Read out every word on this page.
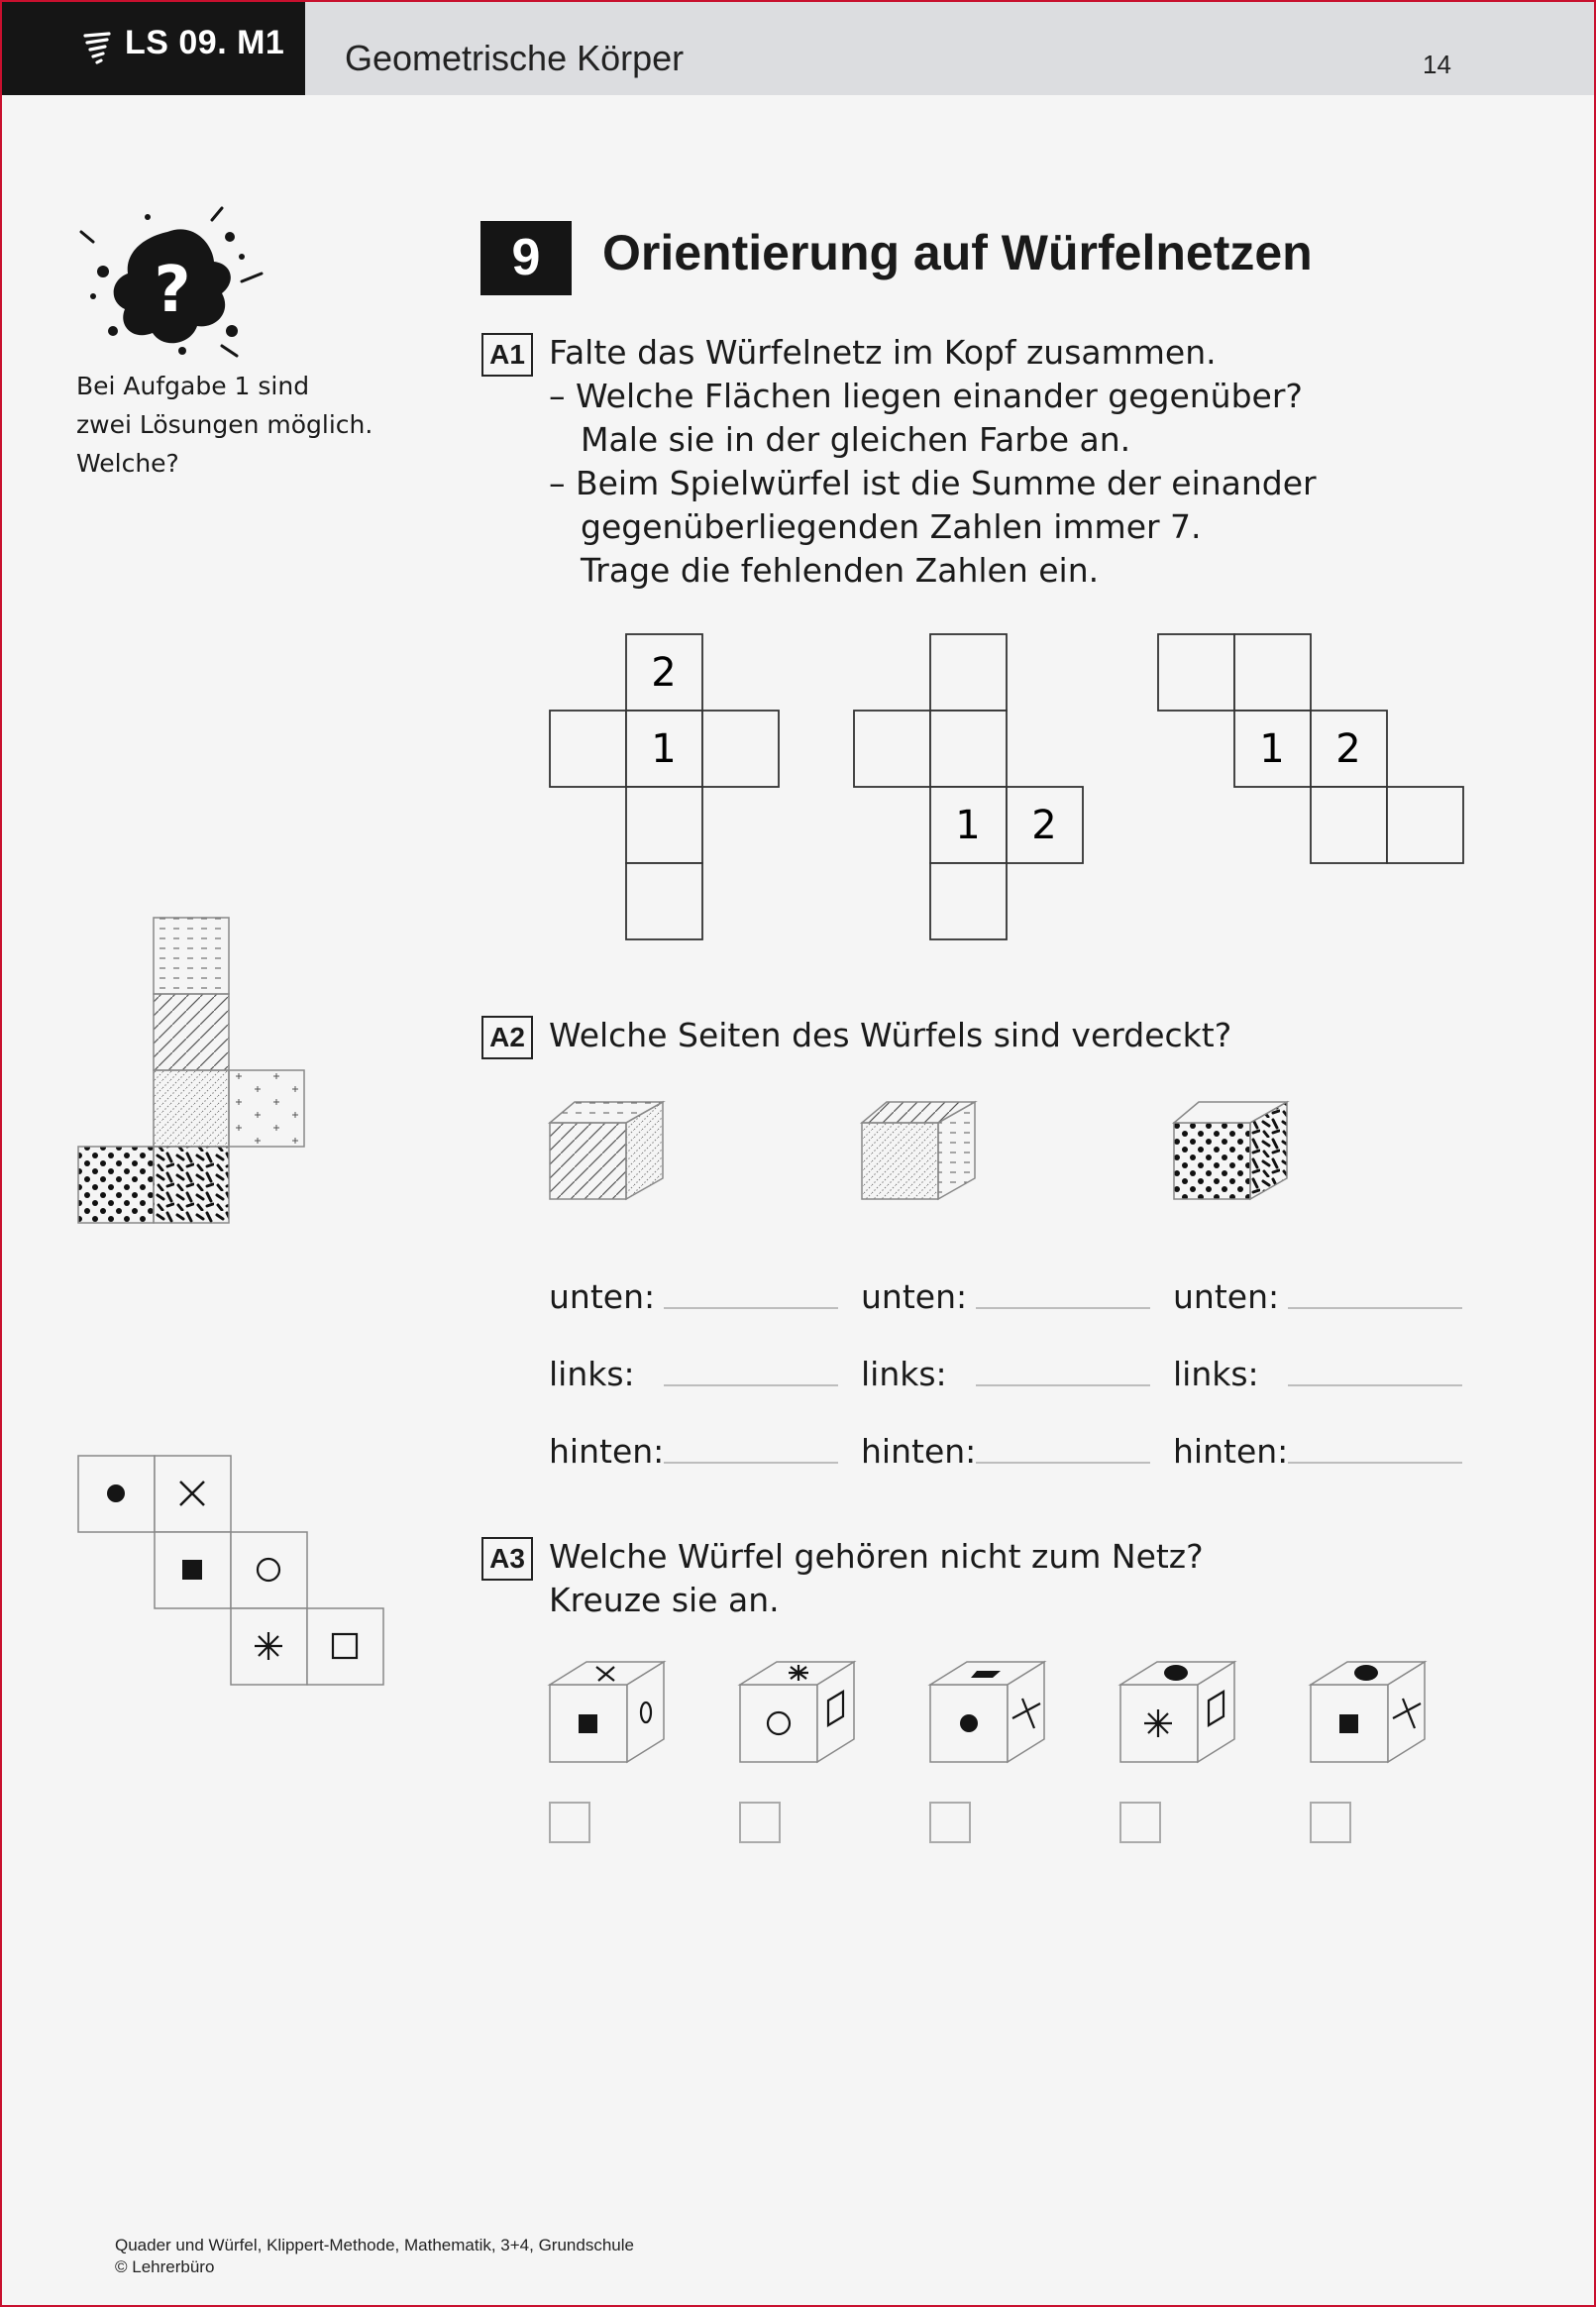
LS 09. M1 Geometrische Körper	14
?
Bei Aufgabe 1 sind
zwei Lösungen möglich.
Welche?
9	Orientierung auf Würfelnetzen
A1 Falte das Würfelnetz im Kopf zusammen.
– Welche Flächen liegen einander gegenüber?
Male sie in der gleichen Farbe an.
– Beim Spielwürfel ist die Summe der einander
gegenüberliegenden Zahlen immer 7.
Trage die fehlenden Zahlen ein.
2
1
1 2
1 2
A2 Welche Seiten des Würfels sind verdeckt?
unten:	unten:	unten:
links:	links:	links:
hinten:	hinten:	hinten:
A3 Welche Würfel gehören nicht zum Netz?
Kreuze sie an.
Quader und Würfel, Klippert-Methode, Mathematik, 3+4, Grundschule
© Lehrerbüro
